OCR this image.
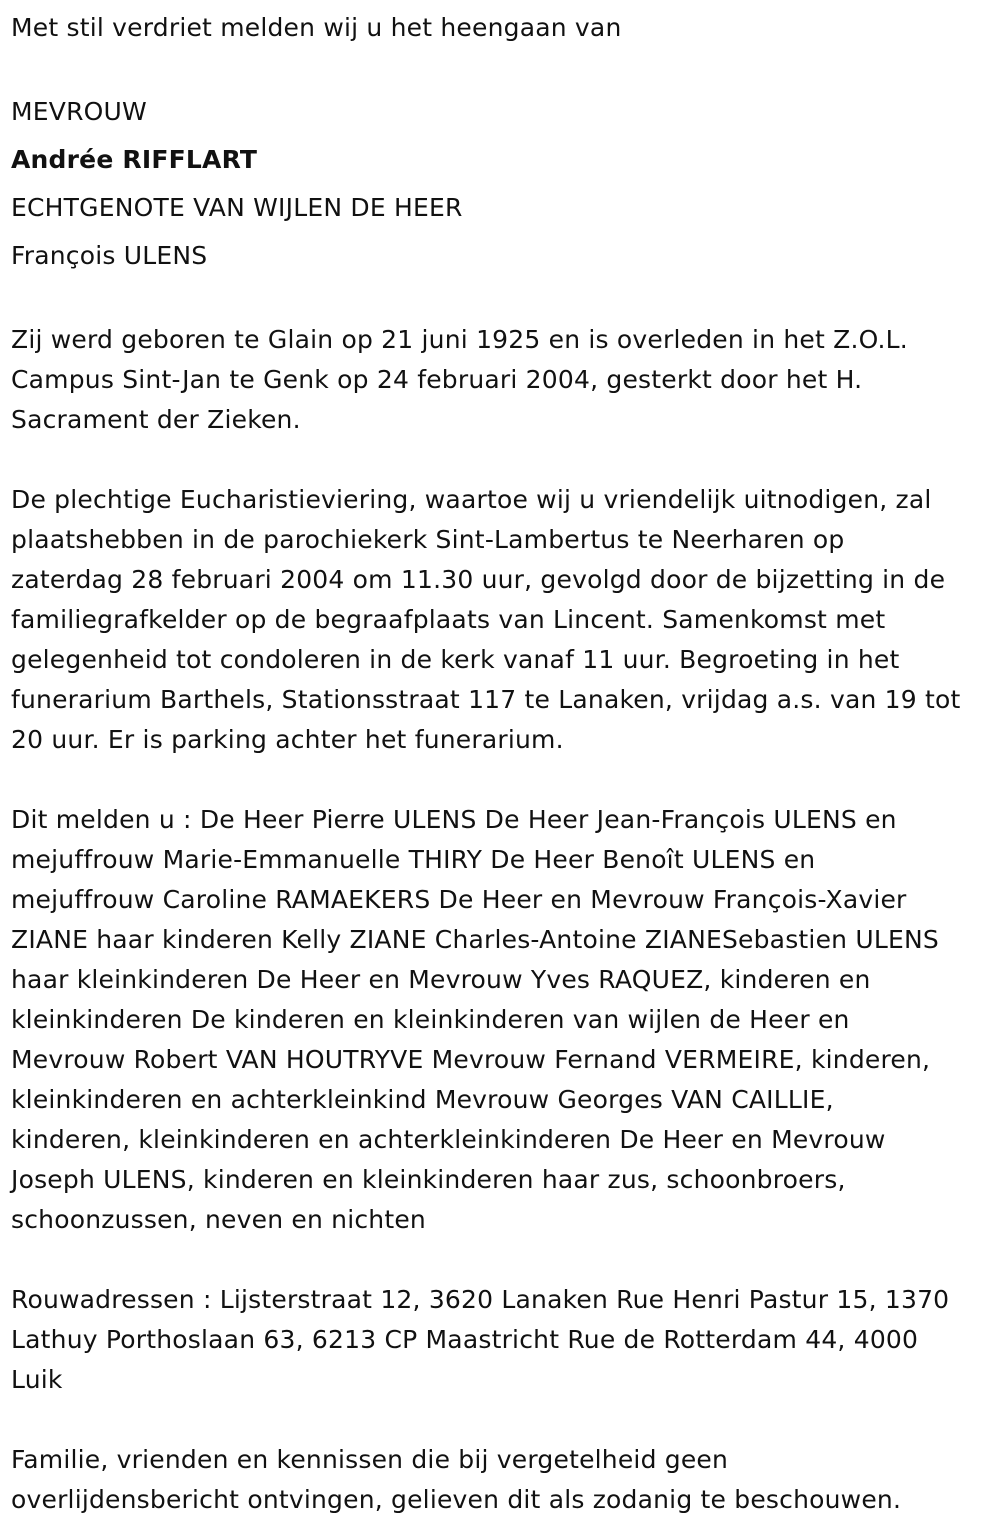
Met stil verdriet melden wij u het heengaan van
MEVROUW
Andrée RIFFLART
ECHTGENOTE VAN WIJLEN DE HEER
François ULENS
Zij werd geboren te Glain op 21 juni 1925 en is overleden in het Z.O.L.
Campus Sint-Jan te Genk op 24 februari 2004, gesterkt door het H.
Sacrament der Zieken.
De plechtige Eucharistieviering, waartoe wij u vriendelijk uitnodigen, zal
plaatshebben in de parochiekerk Sint-Lambertus te Neerharen op
zaterdag 28 februari 2004 om 11.30 uur, gevolgd door de bijzetting in de
familiegrafkelder op de begraafplaats van Lincent. Samenkomst met
gelegenheid tot condoleren in de kerk vanaf 11 uur. Begroeting in het
funerarium Barthels, Stationsstraat 117 te Lanaken, vrijdag a.s. van 19 tot
20 uur. Er is parking achter het funerarium.
Dit melden u : De Heer Pierre ULENS De Heer Jean-François ULENS en
mejuffrouw Marie-Emmanuelle THIRY De Heer Benoît ULENS en
mejuffrouw Caroline RAMAEKERS De Heer en Mevrouw François-Xavier
ZIANE haar kinderen Kelly ZIANE Charles-Antoine ZIANESebastien ULENS
haar kleinkinderen De Heer en Mevrouw Yves RAQUEZ, kinderen en
kleinkinderen De kinderen en kleinkinderen van wijlen de Heer en
Mevrouw Robert VAN HOUTRYVE Mevrouw Fernand VERMEIRE, kinderen,
kleinkinderen en achterkleinkind Mevrouw Georges VAN CAILLIE,
kinderen, kleinkinderen en achterkleinkinderen De Heer en Mevrouw
Joseph ULENS, kinderen en kleinkinderen haar zus, schoonbroers,
schoonzussen, neven en nichten
Rouwadressen : Lijsterstraat 12, 3620 Lanaken Rue Henri Pastur 15, 1370
Lathuy Porthoslaan 63, 6213 CP Maastricht Rue de Rotterdam 44, 4000
Luik
Familie, vrienden en kennissen die bij vergetelheid geen
overlijdensbericht ontvingen, gelieven dit als zodanig te beschouwen.
